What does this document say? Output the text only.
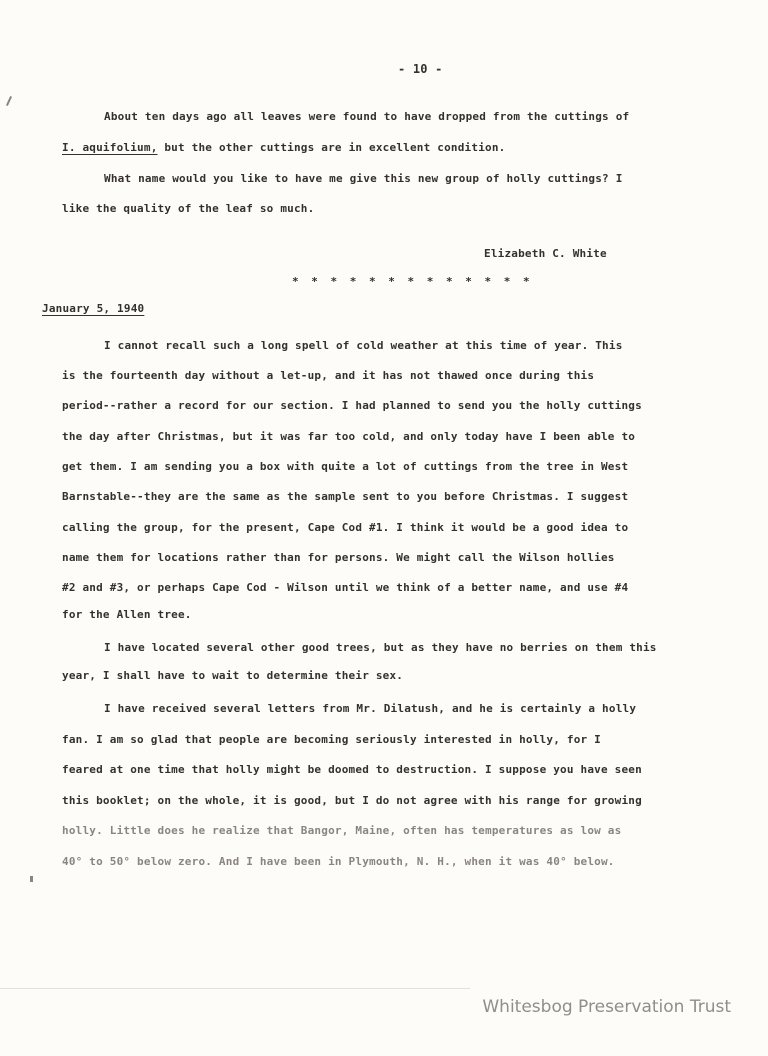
- 10 -
About ten days ago all leaves were found to have dropped from the cuttings of
I. aquifolium, but the other cuttings are in excellent condition.
What name would you like to have me give this new group of holly cuttings? I
like the quality of the leaf so much.
Elizabeth C. White
* * * * * * * * * * * * *
January 5, 1940
I cannot recall such a long spell of cold weather at this time of year. This
is the fourteenth day without a let-up, and it has not thawed once during this
period--rather a record for our section. I had planned to send you the holly cuttings
the day after Christmas, but it was far too cold, and only today have I been able to
get them. I am sending you a box with quite a lot of cuttings from the tree in West
Barnstable--they are the same as the sample sent to you before Christmas. I suggest
calling the group, for the present, Cape Cod #1. I think it would be a good idea to
name them for locations rather than for persons. We might call the Wilson hollies
#2 and #3, or perhaps Cape Cod - Wilson until we think of a better name, and use #4
for the Allen tree.
I have located several other good trees, but as they have no berries on them this
year, I shall have to wait to determine their sex.
I have received several letters from Mr. Dilatush, and he is certainly a holly
fan. I am so glad that people are becoming seriously interested in holly, for I
feared at one time that holly might be doomed to destruction. I suppose you have seen
this booklet; on the whole, it is good, but I do not agree with his range for growing
holly. Little does he realize that Bangor, Maine, often has temperatures as low as
40° to 50° below zero. And I have been in Plymouth, N. H., when it was 40° below.
Whitesbog Preservation Trust
